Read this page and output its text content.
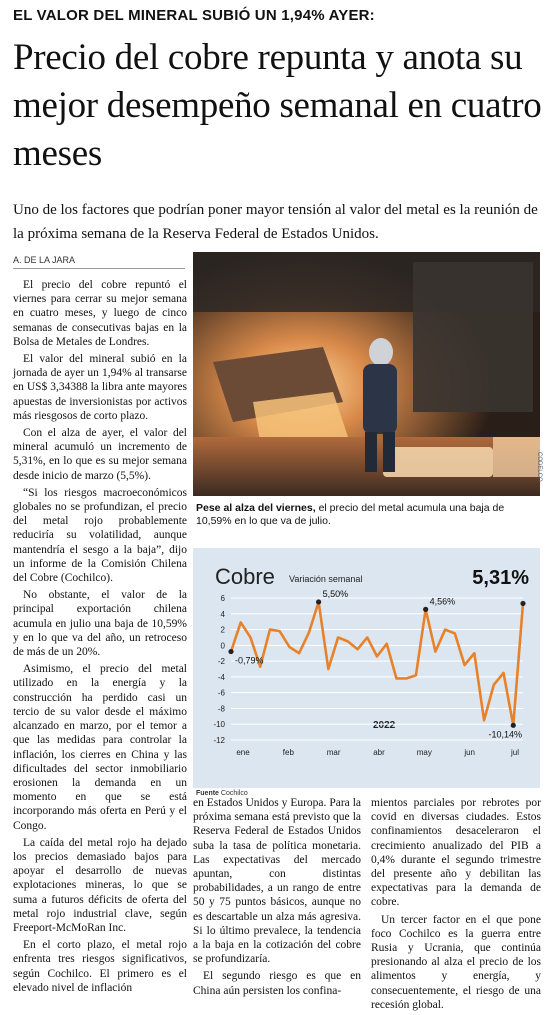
EL VALOR DEL MINERAL SUBIÓ UN 1,94% AYER:
Precio del cobre repunta y anota su mejor desempeño semanal en cuatro meses
Uno de los factores que podrían poner mayor tensión al valor del metal es la reunión de la próxima semana de la Reserva Federal de Estados Unidos.
A. DE LA JARA

El precio del cobre repuntó el viernes para cerrar su mejor semana en cuatro meses, y luego de cinco semanas de consecutivas bajas en la Bolsa de Metales de Londres.

El valor del mineral subió en la jornada de ayer un 1,94% al transarse en US$ 3,34388 la libra ante mayores apuestas de inversionistas por activos más riesgosos de corto plazo.

Con el alza de ayer, el valor del mineral acumuló un incremento de 5,31%, en lo que es su mejor semana desde inicio de marzo (5,5%).

“Si los riesgos macroeconómicos globales no se profundizan, el precio del metal rojo probablemente reduciría su volatilidad, aunque mantendría el sesgo a la baja”, dijo un informe de la Comisión Chilena del Cobre (Cochilco).

No obstante, el valor de la principal exportación chilena acumula en julio una baja de 10,59% y en lo que va del año, un retroceso de más de un 20%.

Asimismo, el precio del metal utilizado en la energía y la construcción ha perdido casi un tercio de su valor desde el máximo alcanzado en marzo, por el temor a que las medidas para controlar la inflación, los cierres en China y las dificultades del sector inmobiliario erosionen la demanda en un momento en que se está incorporando más oferta en Perú y el Congo.

La caída del metal rojo ha dejado los precios demasiado bajos para apoyar el desarrollo de nuevas explotaciones mineras, lo que se suma a futuros déficits de oferta del metal rojo industrial clave, según Freeport-McMoRan Inc.

En el corto plazo, el metal rojo enfrenta tres riesgos significativos, según Cochilco. El primero es el elevado nivel de inflación

CODELCO
Pese al alza del viernes, el precio del metal acumula una baja de 10,59% en lo que va de julio.
Cobre Variación semanal	5,31%
2022
6
4
2
0
-2
-4
-6
-8
-10
-12
ene	feb	mar	abr	may	jun	jul
-0,79%
5,50%
4,56%
-10,14%
Fuente Cochilco

en Estados Unidos y Europa. Para la próxima semana está previsto que la Reserva Federal de Estados Unidos suba la tasa de política monetaria. Las expectativas del mercado apuntan, con distintas probabilidades, a un rango de entre 50 y 75 puntos básicos, aunque no es descartable un alza más agresiva. Si lo último prevalece, la tendencia a la baja en la cotización del cobre se profundizaría.

El segundo riesgo es que en China aún persisten los confina-

mientos parciales por rebrotes por covid en diversas ciudades. Estos confinamientos desaceleraron el crecimiento anualizado del PIB a 0,4% durante el segundo trimestre del presente año y debilitan las expectativas para la demanda de cobre.

Un tercer factor en el que pone foco Cochilco es la guerra entre Rusia y Ucrania, que continúa presionando al alza el precio de los alimentos y energía, y consecuentemente, el riesgo de una recesión global.
